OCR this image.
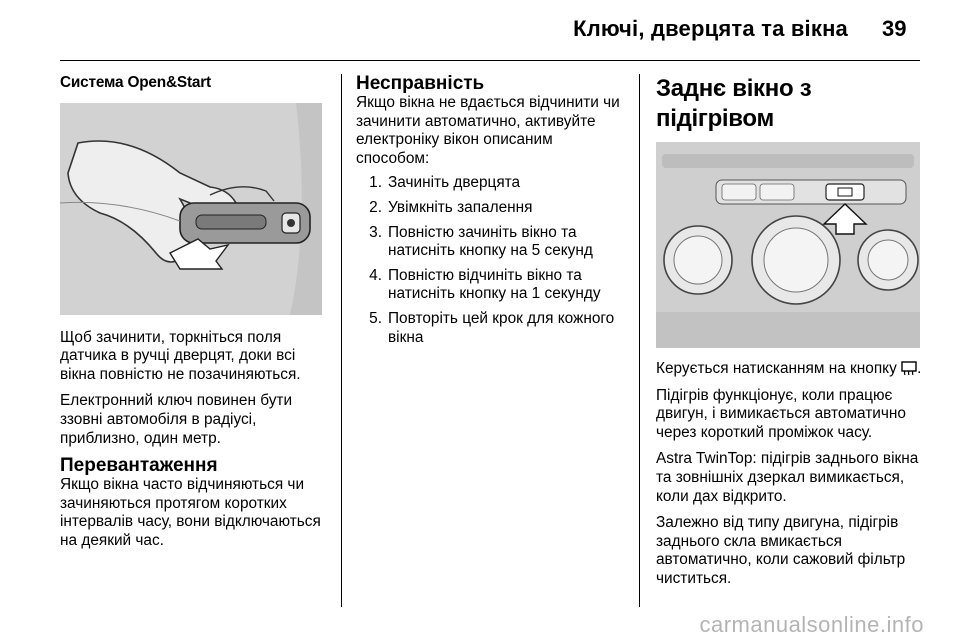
Ключі, дверцята та вікна 39
Система Open&Start

Щоб зачинити, торкніться поля датчика в ручці дверцят, доки всі вікна повністю не позачиняються.

Електронний ключ повинен бути ззовні автомобіля в радіусі, приблизно, один метр.

Перевантаження

Якщо вікна часто відчиняються чи зачиняються протягом коротких інтервалів часу, вони відключаються на деякий час.

Несправність

Якщо вікна не вдається відчинити чи зачинити автоматично, активуйте електроніку вікон описаним способом:

1. Зачиніть дверцята
2. Увімкніть запалення
3. Повністю зачиніть вікно та натисніть кнопку на 5 секунд
4. Повністю відчиніть вікно та натисніть кнопку на 1 секунду
5. Повторіть цей крок для кожного вікна
Заднє вікно з підігрівом

Керується натисканням на кнопку .

Підігрів функціонує, коли працює двигун, і вимикається автоматично через короткий проміжок часу.

Astra TwinTop: підігрів заднього вікна та зовнішніх дзеркал вимикається, коли дах відкрито.

Залежно від типу двигуна, підігрів заднього скла вмикається автоматично, коли сажовий фільтр чиститься.

carmanualsonline.info
